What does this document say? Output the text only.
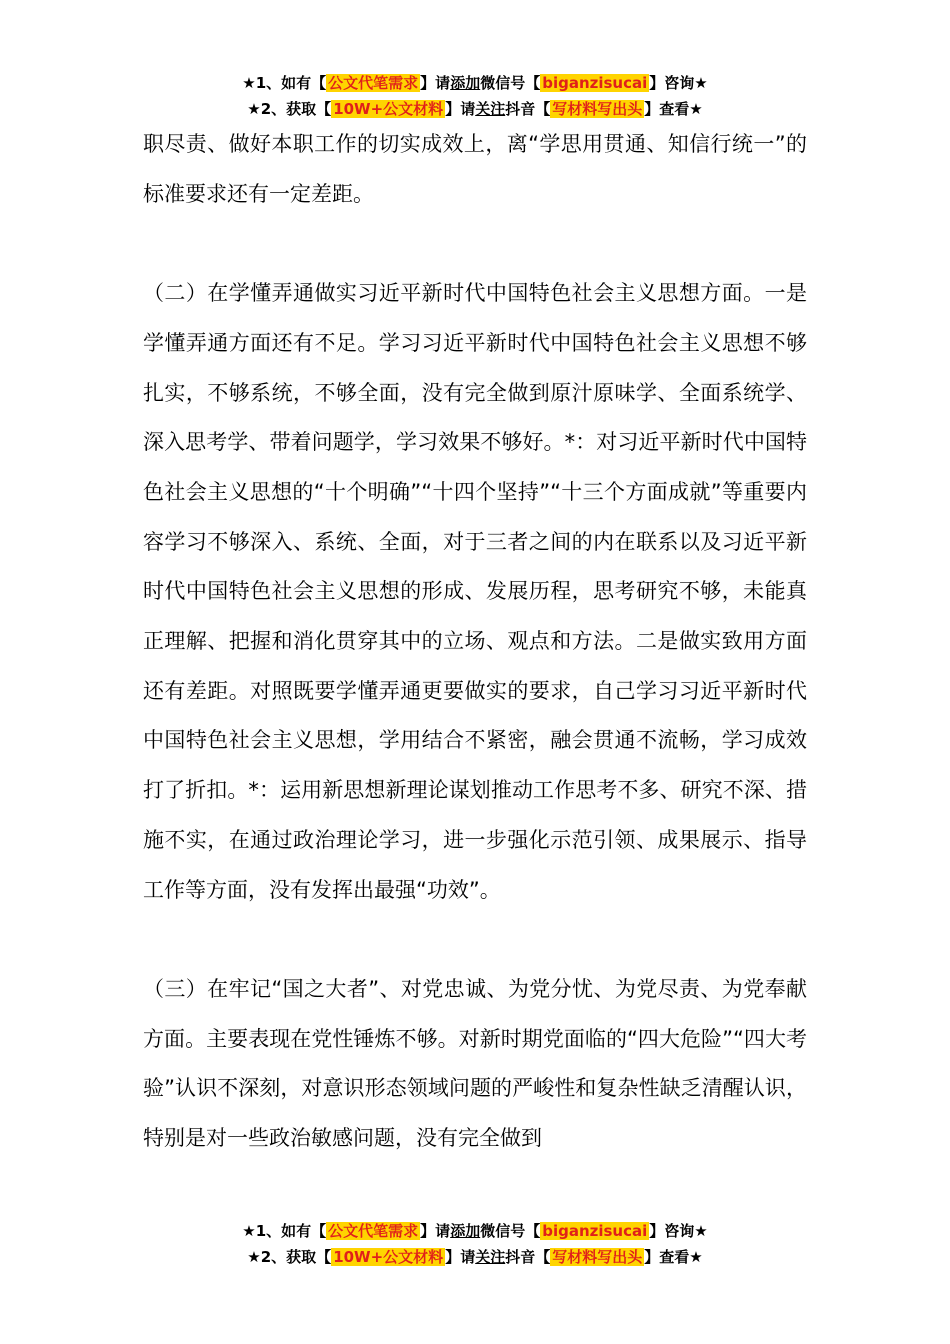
★1、如有【 公文代笔需求 】请添加微信号【 biganzisucai 】咨询★
★2、获取【 10W+公文材料 】请关注抖音【 写材料写出头 】查看★

职尽责、做好本职工作的切实成效上，离“学思用贯通、知信行统一”的标准要求还有一定差距。

（二）在学懂弄通做实习近平新时代中国特色社会主义思想方面。一是学懂弄通方面还有不足。学习习近平新时代中国特色社会主义思想不够扎实，不够系统，不够全面，没有完全做到原汁原味学、全面系统学、深入思考学、带着问题学，学习效果不够好。*：对习近平新时代中国特色社会主义思想的“十个明确”“十四个坚持”“十三个方面成就”等重要内容学习不够深入、系统、全面，对于三者之间的内在联系以及习近平新时代中国特色社会主义思想的形成、发展历程，思考研究不够，未能真正理解、把握和消化贯穿其中的立场、观点和方法。二是做实致用方面还有差距。对照既要学懂弄通更要做实的要求，自己学习习近平新时代中国特色社会主义思想，学用结合不紧密，融会贯通不流畅，学习成效打了折扣。*：运用新思想新理论谋划推动工作思考不多、研究不深、措施不实，在通过政治理论学习，进一步强化示范引领、成果展示、指导工作等方面，没有发挥出最强“功效”。

（三）在牢记“国之大者”、对党忠诚、为党分忧、为党尽责、为党奉献方面。主要表现在党性锤炼不够。对新时期党面临的“四大危险”“四大考验”认识不深刻，对意识形态领域问题的严峻性和复杂性缺乏清醒认识，特别是对一些政治敏感问题，没有完全做到

★1、如有【 公文代笔需求 】请添加微信号【 biganzisucai 】咨询★
★2、获取【 10W+公文材料 】请关注抖音【 写材料写出头 】查看★
